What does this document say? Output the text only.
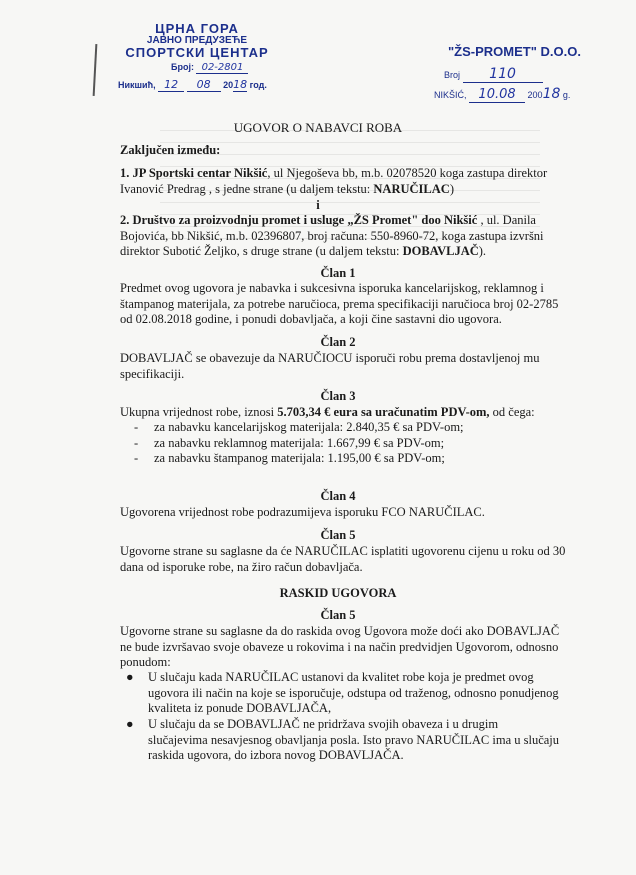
ЦРНА ГОРА
ЈАВНО ПРЕДУЗЕЋЕ
СПОРТСКИ ЦЕНТАР
Број: 02-2801
Никшић, 12 08 2018 год.
"ŽS-PROMET" D.O.O.
Broj 110
NIKŠIĆ, 10.08 20018 g.
UGOVOR O NABAVCI ROBA
Zaključen između:
1. JP Sportski centar Nikšić, ul Njegoševa bb, m.b. 02078520 koga zastupa direktor
Ivanović Predrag , s jedne strane (u daljem tekstu: NARUČILAC)
i
2. Društvo za proizvodnju promet i usluge „ŽS Promet" doo Nikšić , ul. Danila
Bojovića, bb Nikšić, m.b. 02396807, broj računa: 550-8960-72, koga zastupa izvršni
direktor Subotić Željko, s druge strane (u daljem tekstu: DOBAVLJAČ).
Član 1
Predmet ovog ugovora je nabavka i sukcesivna isporuka kancelarijskog, reklamnog i
štampanog materijala, za potrebe naručioca, prema specifikaciji naručioca broj 02-2785
od 02.08.2018 godine, i ponudi dobavljača, a koji čine sastavni dio ugovora.
Član 2
DOBAVLJAČ se obavezuje da NARUČIOCU isporuči robu prema dostavljenoj mu
specifikaciji.
Član 3
Ukupna vrijednost robe, iznosi 5.703,34 € eura sa uračunatim PDV-om, od čega:
- za nabavku kancelarijskog materijala: 2.840,35 € sa PDV-om;
- za nabavku reklamnog materijala: 1.667,99 € sa PDV-om;
- za nabavku štampanog materijala: 1.195,00 € sa PDV-om;
Član 4
Ugovorena vrijednost robe podrazumijeva isporuku FCO NARUČILAC.
Član 5
Ugovorne strane su saglasne da će NARUČILAC isplatiti ugovorenu cijenu u roku od 30
dana od isporuke robe, na žiro račun dobavljača.
RASKID UGOVORA
Član 5
Ugovorne strane su saglasne da do raskida ovog Ugovora može doći ako DOBAVLJAČ
ne bude izvršavao svoje obaveze u rokovima i na način predvidjen Ugovorom, odnosno
ponudom:
● U slučaju kada NARUČILAC ustanovi da kvalitet robe koja je predmet ovog
ugovora ili način na koje se isporučuje, odstupa od traženog, odnosno ponudjenog
kvaliteta iz ponude DOBAVLJAČA,
● U slučaju da se DOBAVLJAČ ne pridržava svojih obaveza i u drugim
slučajevima nesavjesnog obavljanja posla. Isto pravo NARUČILAC ima u slučaju
raskida ugovora, do izbora novog DOBAVLJAČA.
